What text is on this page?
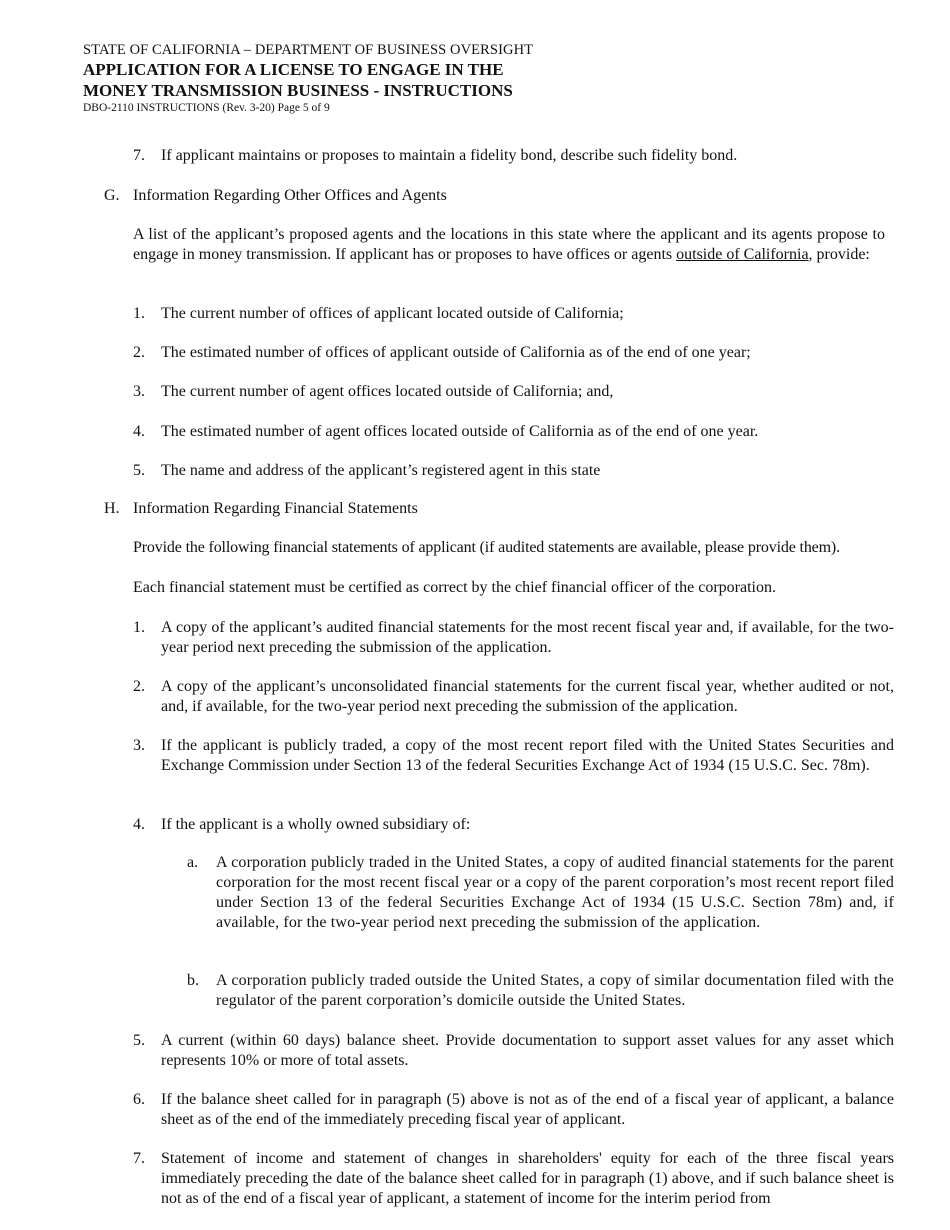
STATE OF CALIFORNIA – DEPARTMENT OF BUSINESS OVERSIGHT
APPLICATION FOR A LICENSE TO ENGAGE IN THE
MONEY TRANSMISSION BUSINESS - INSTRUCTIONS
DBO-2110 INSTRUCTIONS (Rev. 3-20) Page 5 of 9
7.	If applicant maintains or proposes to maintain a fidelity bond, describe such fidelity bond.
G. Information Regarding Other Offices and Agents
A list of the applicant’s proposed agents and the locations in this state where the applicant and its agents propose to engage in money transmission. If applicant has or proposes to have offices or agents outside of California, provide:
1.	The current number of offices of applicant located outside of California;
2.	The estimated number of offices of applicant outside of California as of the end of one year;
3.	The current number of agent offices located outside of California; and,
4.	The estimated number of agent offices located outside of California as of the end of one year.
5.	The name and address of the applicant’s registered agent in this state
H. Information Regarding Financial Statements
Provide the following financial statements of applicant (if audited statements are available, please provide them).
Each financial statement must be certified as correct by the chief financial officer of the corporation.
1.	A copy of the applicant’s audited financial statements for the most recent fiscal year and, if available, for the two-year period next preceding the submission of the application.
2.	A copy of the applicant’s unconsolidated financial statements for the current fiscal year, whether audited or not, and, if available, for the two-year period next preceding the submission of the application.
3.	If the applicant is publicly traded, a copy of the most recent report filed with the United States Securities and Exchange Commission under Section 13 of the federal Securities Exchange Act of 1934 (15 U.S.C. Sec. 78m).
4.	If the applicant is a wholly owned subsidiary of:
a.	A corporation publicly traded in the United States, a copy of audited financial statements for the parent corporation for the most recent fiscal year or a copy of the parent corporation’s most recent report filed under Section 13 of the federal Securities Exchange Act of 1934 (15 U.S.C. Section 78m) and, if available, for the two-year period next preceding the submission of the application.
b.	A corporation publicly traded outside the United States, a copy of similar documentation filed with the regulator of the parent corporation’s domicile outside the United States.
5.	A current (within 60 days) balance sheet. Provide documentation to support asset values for any asset which represents 10% or more of total assets.
6.	If the balance sheet called for in paragraph (5) above is not as of the end of a fiscal year of applicant, a balance sheet as of the end of the immediately preceding fiscal year of applicant.
7.	Statement of income and statement of changes in shareholders' equity for each of the three fiscal years immediately preceding the date of the balance sheet called for in paragraph (1) above, and if such balance sheet is not as of the end of a fiscal year of applicant, a statement of income for the interim period from
